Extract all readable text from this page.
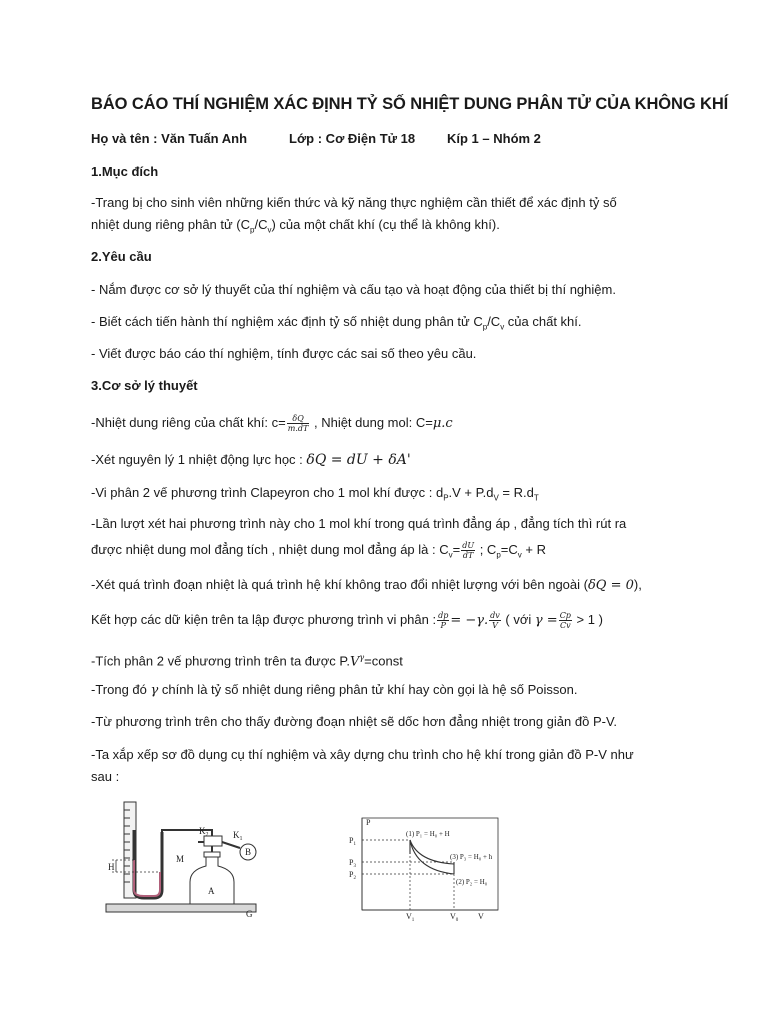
BÁO CÁO THÍ NGHIỆM XÁC ĐỊNH TỶ SỐ NHIỆT DUNG PHÂN TỬ CỦA KHÔNG KHÍ
Họ và tên : Văn Tuấn Anh	Lớp : Cơ Điện Tử 18 Kíp 1 – Nhóm 2
1.Mục đích
-Trang bị cho sinh viên những kiến thức và kỹ năng thực nghiệm cần thiết để xác định tỷ số
nhiệt dung riêng phân tử $(C_p/C_v)$ của một chất khí (cụ thể là không khí).
2.Yêu cầu
- Nắm được cơ sở lý thuyết của thí nghiệm và cấu tạo và hoạt động của thiết bị thí nghiệm.
- Biết cách tiến hành thí nghiệm xác định tỷ số nhiệt dung phân tử $C_p/C_v$ của chất khí.
- Viết được báo cáo thí nghiệm, tính được các sai số theo yêu cầu.
3.Cơ sở lý thuyết
-Nhiệt dung riêng của chất khí: $c= \frac{\delta Q}{m.dT}$ , Nhiệt dung mol: C=μ.c
-Xét nguyên lý 1 nhiệt động lực học : δQ = dU + δA'
-Vi phân 2 vế phương trình Clapeyron cho 1 mol khí được : $d_P.V + P.d_V = R.d_T$
-Lần lượt xét hai phương trình này cho 1 mol khí trong quá trình đẳng áp , đẳng tích thì rút ra
được nhiệt dung mol đẳng tích , nhiệt dung mol đẳng áp là : $C_v= \frac{dU}{dT}$ ; $C_p=C_v + R$
-Xét quá trình đoạn nhiệt là quá trình hệ khí không trao đổi nhiệt lượng với bên ngoài (δQ = 0),
Kết hợp các dữ kiện trên ta lập được phương trình vi phân : $\frac{dp}{P} = -\gamma$. $\frac{dv}{V}$ ( với $\gamma = \frac{Cp}{Cv} > 1$ )
-Tích phân 2 vế phương trình trên ta được $P.V^\gamma=const$
-Trong đó γ chính là tỷ số nhiệt dung riêng phân tử khí hay còn gọi là hệ số Poisson.
-Từ phương trình trên cho thấy đường đoạn nhiệt sẽ dốc hơn đẳng nhiệt trong giản đồ P-V.
-Ta xắp xếp sơ đồ dụng cụ thí nghiệm và xây dựng chu trình cho hệ khí trong giản đồ P-V như
sau :
H
M
$K_2$	$K_1$
B
A
G
P
V
$P_1$
$P_3$
$P_2$
$V_1$	$V_0$
(1) P₁ = H₀ + H
(3) P₃ = H₀ + h
(2) P₂ = H₀
